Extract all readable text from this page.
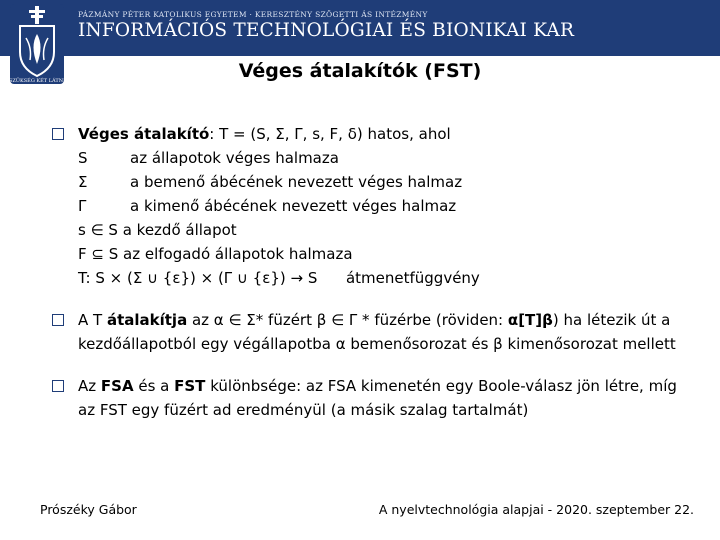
PÁZMÁNY PÉTER KATOLIKUS EGYETEM · KERESZTÉNY SZÖGETTI ÁS INTÉZMÉNY
INFORMÁCIÓS TECHNOLÓGIAI ÉS BIONIKAI KAR
SZÜKSÉG KÉT LÁTNI	Véges átalakítók (FST)
Véges átalakító: T = (S, Σ, Γ, s, F, δ) hatos, ahol
S	az állapotok véges halmaza
Σ	a bemenő ábécének nevezett véges halmaz
Γ	a kimenő ábécének nevezett véges halmaz
s ∈ S a kezdő állapot
F ⊆ S az elfogadó állapotok halmaza
T: S × (Σ ∪ {ε}) × (Γ ∪ {ε}) → S      átmenetfüggvény
A T átalakítja az α ∈ Σ* füzért β ∈ Γ * füzérbe (röviden: α[T]β) ha létezik út a kezdőállapotból egy végállapotba α bemenősorozat és β kimenősorozat mellett
Az FSA és a FST különbsége: az FSA kimenetén egy Boole-válasz jön létre, míg az FST egy füzért ad eredményül (a másik szalag tartalmát)
Prószéky Gábor	A nyelvtechnológia alapjai - 2020. szeptember 22.
